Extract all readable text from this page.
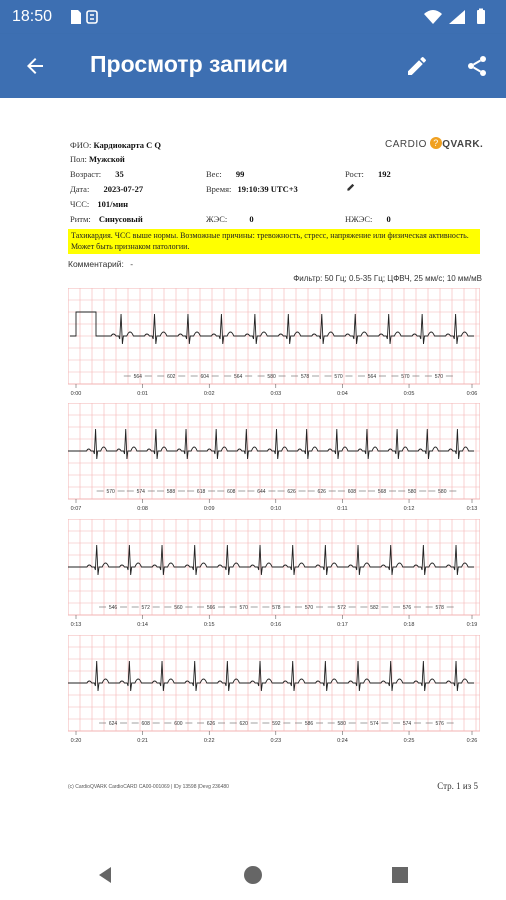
18:50
Просмотр записи
CARDIO ? QVARK.
ФИО: Кардиокарта С Q
Пол: Мужской
Возраст: 35	Вес: 99	Рост: 192
Дата: 2023-07-27	Время: 19:10:39 UTC+3
ЧСС: 101/мин
Ритм: Синусовый	ЖЭС:	0	НЖЭС: 0
Тахикардия. ЧСС выше нормы. Возможные причины: тревожность, стресс, напряжение или физическая активность. Может быть признаком патологии.
Комментарий: -
Фильтр: 50 Гц; 0.5-35 Гц; ЦФВЧ, 25 мм/с; 10 мм/мВ
564	602	604	564	580	578	570	564	570	570
0:00	0:01	0:02	0:03	0:04	0:05	0:06
570	574	588	618	608	644	626	626	608	568	580	580
0:07	0:08	0:09	0:10	0:11	0:12	0:13
546	572	560	566	570	578	570	572	582	576	578
0:13	0:14	0:15	0:16	0:17	0:18	0:19
624	608	600	626	620	592	586	580	574	574	576
0:20	0:21	0:22	0:23	0:24	0:25	0:26
(c) CardioQVARK CardioCARD CA00-001069 | IDy 13598 |Devg 236480	Стр. 1 из 5
